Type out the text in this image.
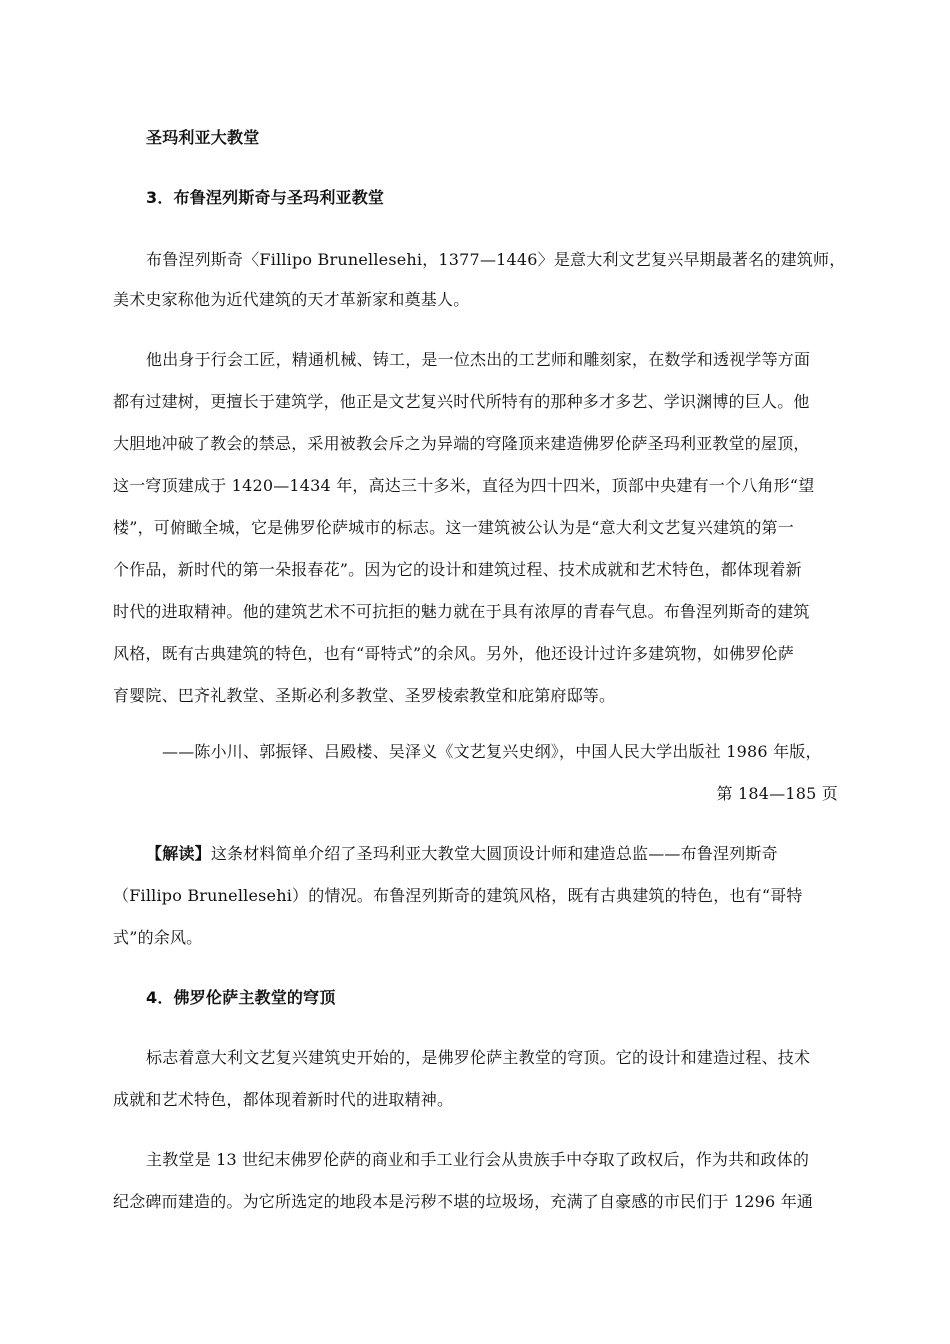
圣玛利亚大教堂
3．布鲁涅列斯奇与圣玛利亚教堂
布鲁涅列斯奇〈Fillipo Brunellesehi，1377—1446〉是意大利文艺复兴早期最著名的建筑师，
美术史家称他为近代建筑的天才革新家和奠基人。
他出身于行会工匠，精通机械、铸工，是一位杰出的工艺师和雕刻家，在数学和透视学等方面
都有过建树，更擅长于建筑学，他正是文艺复兴时代所特有的那种多才多艺、学识渊博的巨人。他
大胆地冲破了教会的禁忌，采用被教会斥之为异端的穹隆顶来建造佛罗伦萨圣玛利亚教堂的屋顶，
这一穹顶建成于 1420—1434 年，高达三十多米，直径为四十四米，顶部中央建有一个八角形“望
楼”，可俯瞰全城，它是佛罗伦萨城市的标志。这一建筑被公认为是“意大利文艺复兴建筑的第一
个作品，新时代的第一朵报春花”。因为它的设计和建筑过程、技术成就和艺术特色，都体现着新
时代的进取精神。他的建筑艺术不可抗拒的魅力就在于具有浓厚的青春气息。布鲁涅列斯奇的建筑
风格，既有古典建筑的特色，也有“哥特式”的余风。另外，他还设计过许多建筑物，如佛罗伦萨
育婴院、巴齐礼教堂、圣斯必利多教堂、圣罗棱索教堂和庇第府邸等。
——陈小川、郭振铎、吕殿楼、吴泽义《文艺复兴史纲》，中国人民大学出版社 1986 年版，
第 184—185 页
【解读】这条材料简单介绍了圣玛利亚大教堂大圆顶设计师和建造总监——布鲁涅列斯奇
（Fillipo Brunellesehi）的情况。布鲁涅列斯奇的建筑风格，既有古典建筑的特色，也有“哥特
式”的余风。
4．佛罗伦萨主教堂的穹顶
标志着意大利文艺复兴建筑史开始的，是佛罗伦萨主教堂的穹顶。它的设计和建造过程、技术
成就和艺术特色，都体现着新时代的进取精神。
主教堂是 13 世纪末佛罗伦萨的商业和手工业行会从贵族手中夺取了政权后，作为共和政体的
纪念碑而建造的。为它所选定的地段本是污秽不堪的垃圾场，充满了自豪感的市民们于 1296 年通
